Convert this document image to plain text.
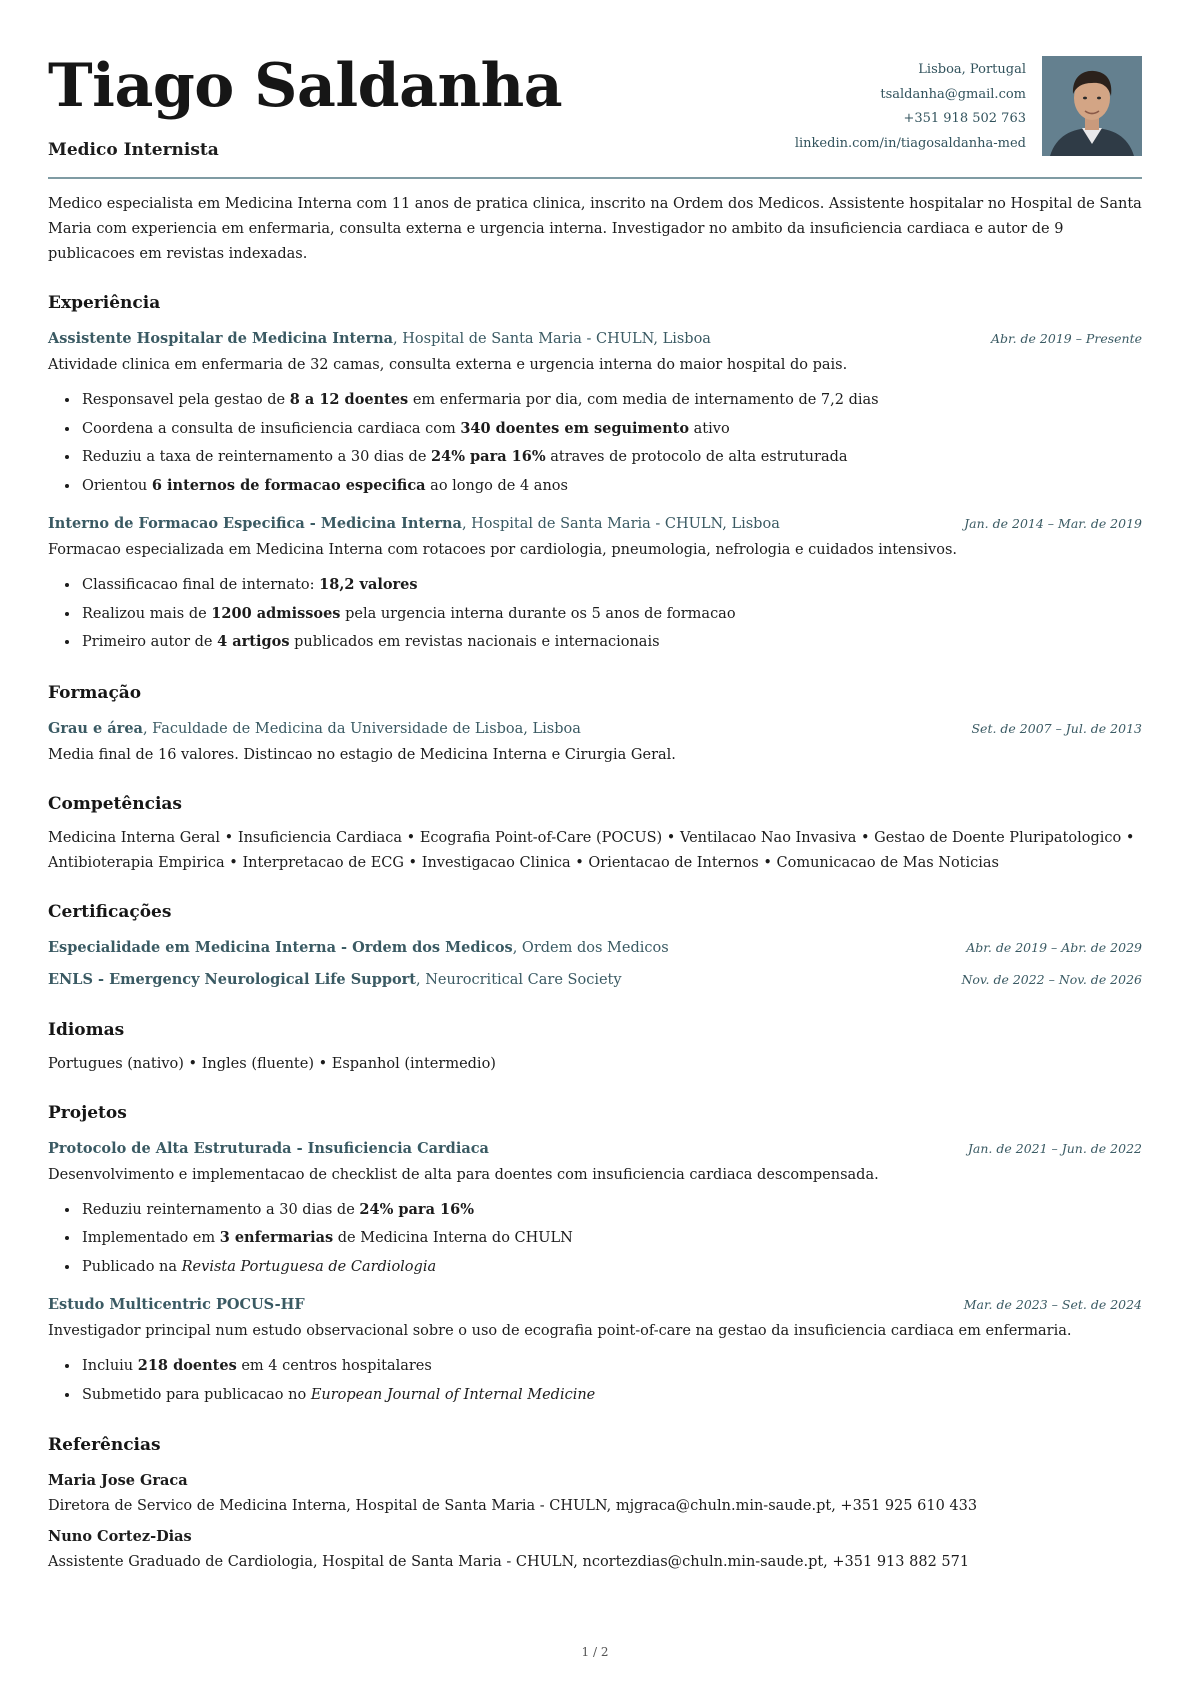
Tiago Saldanha
Medico Internista
Lisboa, Portugal
tsaldanha@gmail.com
+351 918 502 763
linkedin.com/in/tiagosaldanha-med
Medico especialista em Medicina Interna com 11 anos de pratica clinica, inscrito na Ordem dos Medicos. Assistente hospitalar no Hospital de Santa Maria com experiencia em enfermaria, consulta externa e urgencia interna. Investigador no ambito da insuficiencia cardiaca e autor de 9 publicacoes em revistas indexadas.
Experiência
Assistente Hospitalar de Medicina Interna, Hospital de Santa Maria - CHULN, Lisboa	Abr. de 2019 – Presente
Atividade clinica em enfermaria de 32 camas, consulta externa e urgencia interna do maior hospital do pais.
• Responsavel pela gestao de 8 a 12 doentes em enfermaria por dia, com media de internamento de 7,2 dias
• Coordena a consulta de insuficiencia cardiaca com 340 doentes em seguimento ativo
• Reduziu a taxa de reinternamento a 30 dias de 24% para 16% atraves de protocolo de alta estruturada
• Orientou 6 internos de formacao especifica ao longo de 4 anos
Interno de Formacao Especifica - Medicina Interna, Hospital de Santa Maria - CHULN, Lisboa	Jan. de 2014 – Mar. de 2019
Formacao especializada em Medicina Interna com rotacoes por cardiologia, pneumologia, nefrologia e cuidados intensivos.
• Classificacao final de internato: 18,2 valores
• Realizou mais de 1200 admissoes pela urgencia interna durante os 5 anos de formacao
• Primeiro autor de 4 artigos publicados em revistas nacionais e internacionais
Formação
Grau e área, Faculdade de Medicina da Universidade de Lisboa, Lisboa	Set. de 2007 – Jul. de 2013
Media final de 16 valores. Distincao no estagio de Medicina Interna e Cirurgia Geral.
Competências
Medicina Interna Geral • Insuficiencia Cardiaca • Ecografia Point-of-Care (POCUS) • Ventilacao Nao Invasiva • Gestao de Doente Pluripatologico • Antibioterapia Empirica • Interpretacao de ECG • Investigacao Clinica • Orientacao de Internos • Comunicacao de Mas Noticias
Certificações
Especialidade em Medicina Interna - Ordem dos Medicos, Ordem dos Medicos	Abr. de 2019 – Abr. de 2029
ENLS - Emergency Neurological Life Support, Neurocritical Care Society	Nov. de 2022 – Nov. de 2026
Idiomas
Portugues (nativo) • Ingles (fluente) • Espanhol (intermedio)
Projetos
Protocolo de Alta Estruturada - Insuficiencia Cardiaca	Jan. de 2021 – Jun. de 2022
Desenvolvimento e implementacao de checklist de alta para doentes com insuficiencia cardiaca descompensada.
• Reduziu reinternamento a 30 dias de 24% para 16%
• Implementado em 3 enfermarias de Medicina Interna do CHULN
• Publicado na Revista Portuguesa de Cardiologia
Estudo Multicentric POCUS-HF	Mar. de 2023 – Set. de 2024
Investigador principal num estudo observacional sobre o uso de ecografia point-of-care na gestao da insuficiencia cardiaca em enfermaria.
• Incluiu 218 doentes em 4 centros hospitalares
• Submetido para publicacao no European Journal of Internal Medicine
Referências
Maria Jose Graca
Diretora de Servico de Medicina Interna, Hospital de Santa Maria - CHULN, mjgraca@chuln.min-saude.pt, +351 925 610 433
Nuno Cortez-Dias
Assistente Graduado de Cardiologia, Hospital de Santa Maria - CHULN, ncortezdias@chuln.min-saude.pt, +351 913 882 571
1 / 2
